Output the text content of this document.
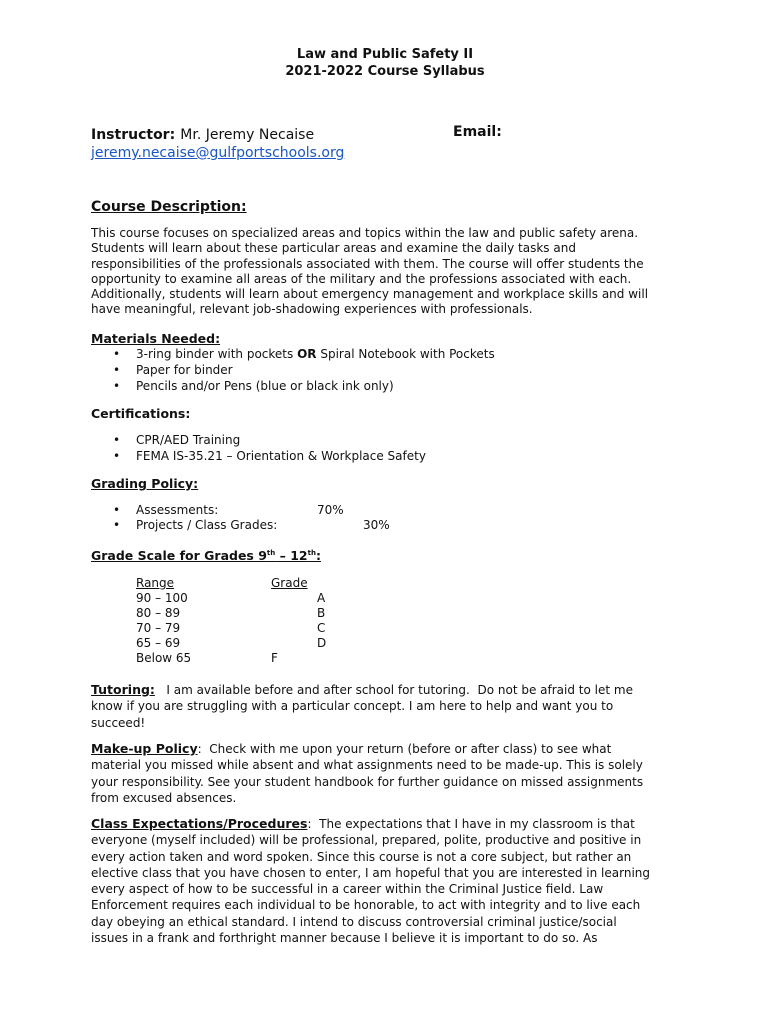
Law and Public Safety II
2021-2022 Course Syllabus
Instructor: Mr. Jeremy Necaise	Email:
jeremy.necaise@gulfportschools.org
Course Description:
This course focuses on specialized areas and topics within the law and public safety arena.
Students will learn about these particular areas and examine the daily tasks and
responsibilities of the professionals associated with them. The course will offer students the
opportunity to examine all areas of the military and the professions associated with each.
Additionally, students will learn about emergency management and workplace skills and will
have meaningful, relevant job-shadowing experiences with professionals.
Materials Needed:
• 3-ring binder with pockets OR Spiral Notebook with Pockets
• Paper for binder
• Pencils and/or Pens (blue or black ink only)
Certifications:
• CPR/AED Training
• FEMA IS-35.21 – Orientation & Workplace Safety
Grading Policy:
• Assessments:	70%
• Projects / Class Grades:	30%
Grade Scale for Grades 9th – 12th:
Range	Grade
90 – 100	A
80 – 89	B
70 – 79	C
65 – 69	D
Below 65	F
Tutoring:   I am available before and after school for tutoring.  Do not be afraid to let me
know if you are struggling with a particular concept. I am here to help and want you to
succeed!
Make-up Policy:  Check with me upon your return (before or after class) to see what
material you missed while absent and what assignments need to be made-up. This is solely
your responsibility. See your student handbook for further guidance on missed assignments
from excused absences.
Class Expectations/Procedures:  The expectations that I have in my classroom is that
everyone (myself included) will be professional, prepared, polite, productive and positive in
every action taken and word spoken. Since this course is not a core subject, but rather an
elective class that you have chosen to enter, I am hopeful that you are interested in learning
every aspect of how to be successful in a career within the Criminal Justice field. Law
Enforcement requires each individual to be honorable, to act with integrity and to live each
day obeying an ethical standard. I intend to discuss controversial criminal justice/social
issues in a frank and forthright manner because I believe it is important to do so. As
